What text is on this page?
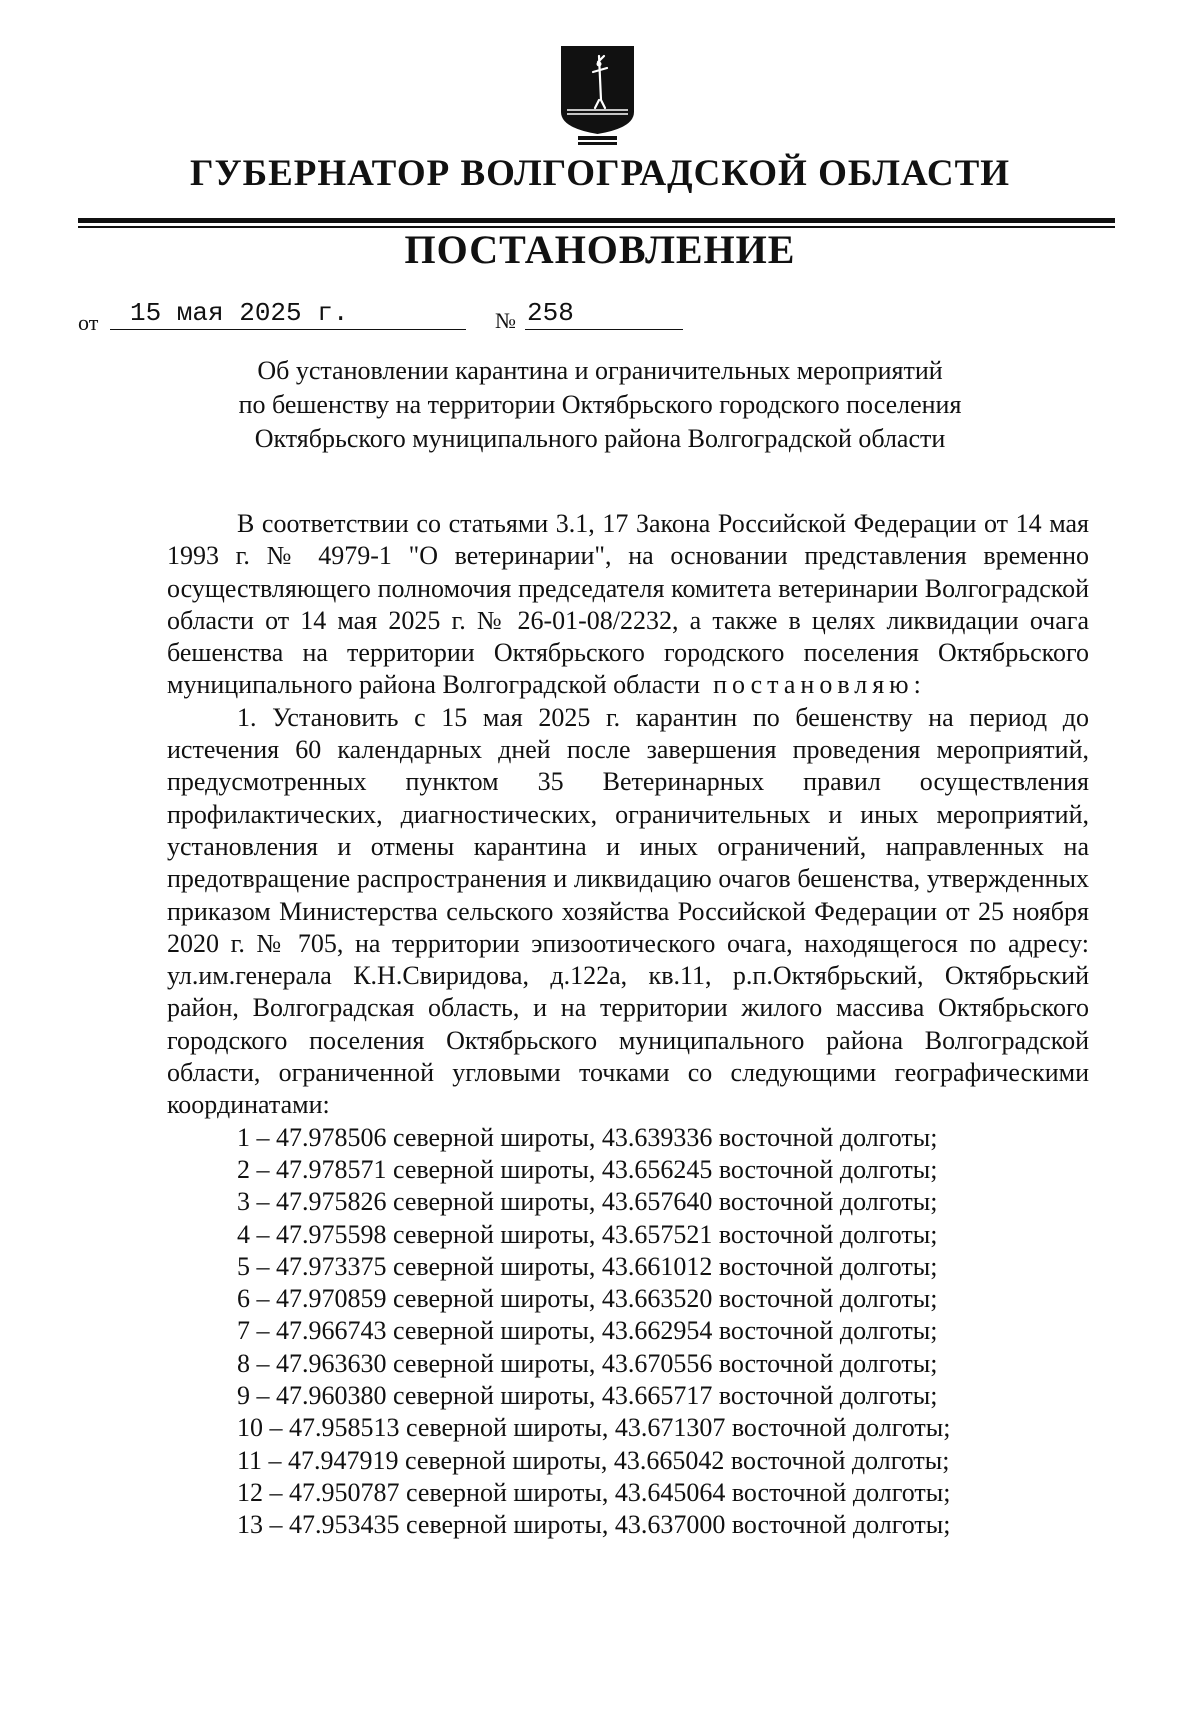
ГУБЕРНАТОР ВОЛГОГРАДСКОЙ ОБЛАСТИ
ПОСТАНОВЛЕНИЕ
от 15 мая 2025 г.	№ 258
Об установлении карантина и ограничительных мероприятий
по бешенству на территории Октябрьского городского поселения
Октябрьского муниципального района Волгоградской области

В соответствии со статьями 3.1, 17 Закона Российской Федерации от 14 мая 1993 г. № 4979-1 "О ветеринарии", на основании представления временно осуществляющего полномочия председателя комитета ветеринарии Волгоградской области от 14 мая 2025 г. № 26-01-08/2232, а также в целях ликвидации очага бешенства на территории Октябрьского городского поселения Октябрьского муниципального района Волгоградской области постановляю:

1. Установить с 15 мая 2025 г. карантин по бешенству на период до истечения 60 календарных дней после завершения проведения мероприятий, предусмотренных пунктом 35 Ветеринарных правил осуществления профилактических, диагностических, ограничительных и иных мероприятий, установления и отмены карантина и иных ограничений, направленных на предотвращение распространения и ликвидацию очагов бешенства, утвержденных приказом Министерства сельского хозяйства Российской Федерации от 25 ноября 2020 г. № 705, на территории эпизоотического очага, находящегося по адресу: ул.им.генерала К.Н.Свиридова, д.122а, кв.11, р.п.Октябрьский, Октябрьский район, Волгоградская область, и на территории жилого массива Октябрьского городского поселения Октябрьского муниципального района Волгоградской области, ограниченной угловыми точками со следующими географическими координатами:

1 – 47.978506 северной широты, 43.639336 восточной долготы;
2 – 47.978571 северной широты, 43.656245 восточной долготы;
3 – 47.975826 северной широты, 43.657640 восточной долготы;
4 – 47.975598 северной широты, 43.657521 восточной долготы;
5 – 47.973375 северной широты, 43.661012 восточной долготы;
6 – 47.970859 северной широты, 43.663520 восточной долготы;
7 – 47.966743 северной широты, 43.662954 восточной долготы;
8 – 47.963630 северной широты, 43.670556 восточной долготы;
9 – 47.960380 северной широты, 43.665717 восточной долготы;
10 – 47.958513 северной широты, 43.671307 восточной долготы;
11 – 47.947919 северной широты, 43.665042 восточной долготы;
12 – 47.950787 северной широты, 43.645064 восточной долготы;
13 – 47.953435 северной широты, 43.637000 восточной долготы;
